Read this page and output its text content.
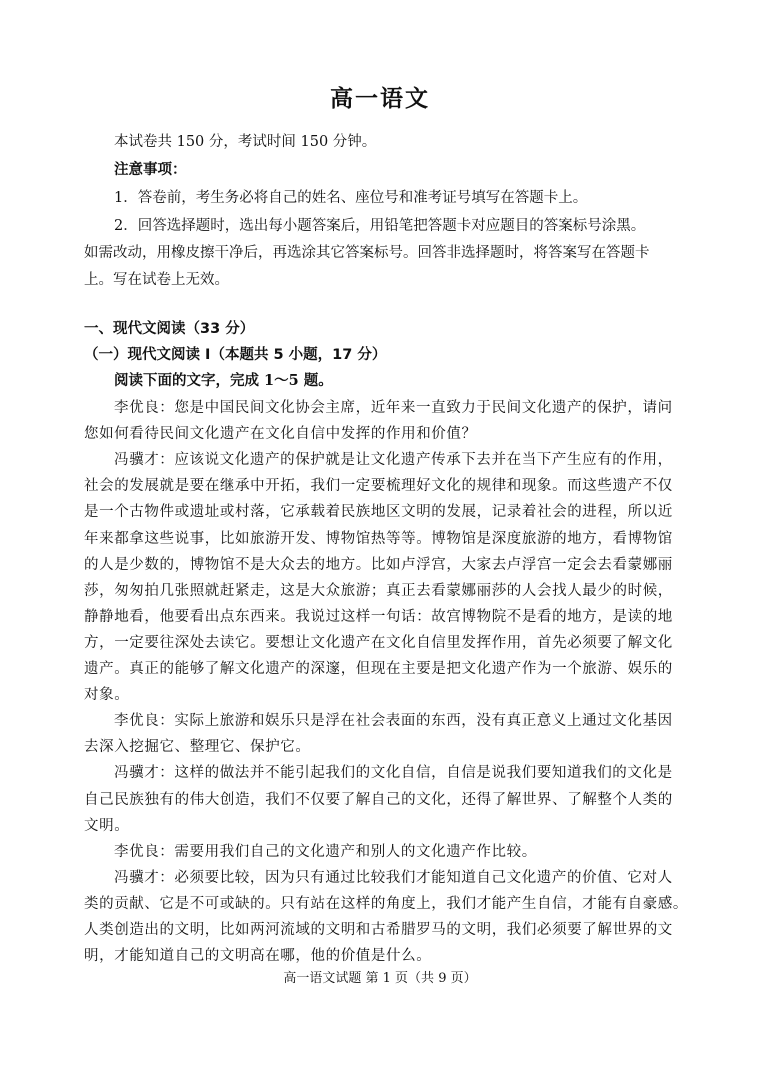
高一语文
本试卷共 150 分，考试时间 150 分钟。
注意事项：
1．答卷前，考生务必将自己的姓名、座位号和准考证号填写在答题卡上。
2．回答选择题时，选出每小题答案后，用铅笔把答题卡对应题目的答案标号涂黑。
如需改动，用橡皮擦干净后，再选涂其它答案标号。回答非选择题时，将答案写在答题卡
上。写在试卷上无效。
一、现代文阅读（33 分）
（一）现代文阅读 I（本题共 5 小题，17 分）
阅读下面的文字，完成 1～5 题。
李优良：您是中国民间文化协会主席，近年来一直致力于民间文化遗产的保护，请问
您如何看待民间文化遗产在文化自信中发挥的作用和价值？
冯骥才：应该说文化遗产的保护就是让文化遗产传承下去并在当下产生应有的作用，
社会的发展就是要在继承中开拓，我们一定要梳理好文化的规律和现象。而这些遗产不仅
是一个古物件或遗址或村落，它承载着民族地区文明的发展，记录着社会的进程，所以近
年来都拿这些说事，比如旅游开发、博物馆热等等。博物馆是深度旅游的地方，看博物馆
的人是少数的，博物馆不是大众去的地方。比如卢浮宫，大家去卢浮宫一定会去看蒙娜丽
莎，匆匆拍几张照就赶紧走，这是大众旅游；真正去看蒙娜丽莎的人会找人最少的时候，
静静地看，他要看出点东西来。我说过这样一句话：故宫博物院不是看的地方，是读的地
方，一定要往深处去读它。要想让文化遗产在文化自信里发挥作用，首先必须要了解文化
遗产。真正的能够了解文化遗产的深邃，但现在主要是把文化遗产作为一个旅游、娱乐的
对象。
李优良：实际上旅游和娱乐只是浮在社会表面的东西，没有真正意义上通过文化基因
去深入挖掘它、整理它、保护它。
冯骥才：这样的做法并不能引起我们的文化自信，自信是说我们要知道我们的文化是
自己民族独有的伟大创造，我们不仅要了解自己的文化，还得了解世界、了解整个人类的
文明。
李优良：需要用我们自己的文化遗产和别人的文化遗产作比较。
冯骥才：必须要比较，因为只有通过比较我们才能知道自己文化遗产的价值、它对人
类的贡献、它是不可或缺的。只有站在这样的角度上，我们才能产生自信，才能有自豪感。
人类创造出的文明，比如两河流域的文明和古希腊罗马的文明，我们必须要了解世界的文
明，才能知道自己的文明高在哪，他的价值是什么。
高一语文试题 第 1 页（共 9 页）
